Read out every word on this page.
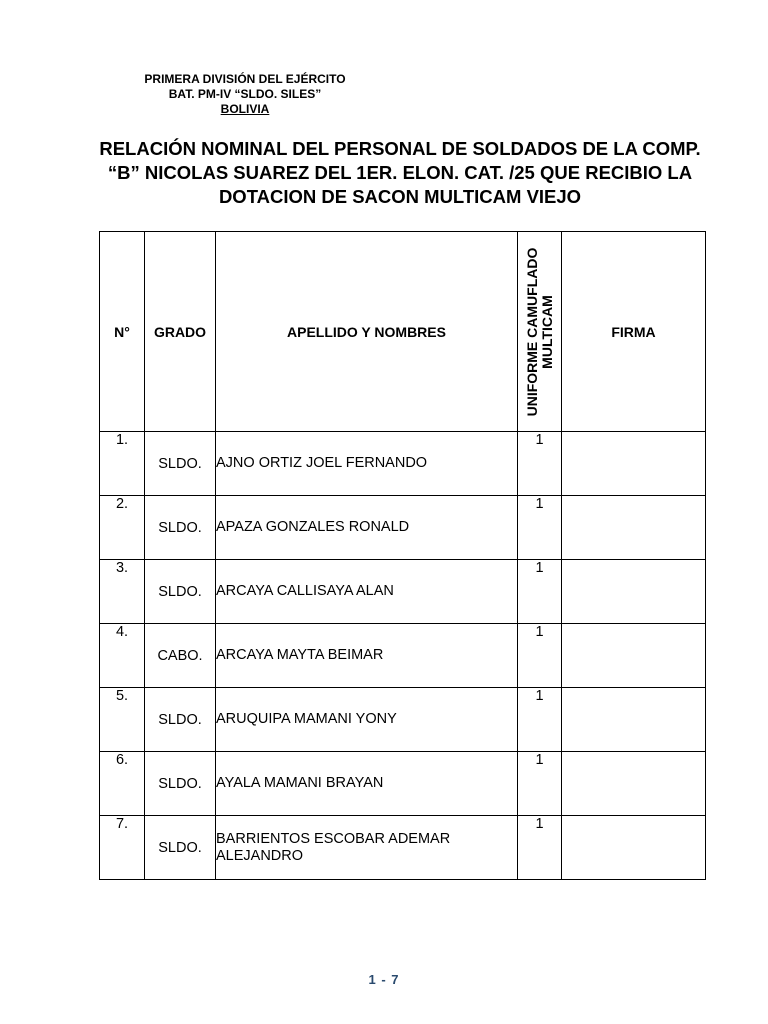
PRIMERA DIVISIÓN DEL EJÉRCITO
BAT. PM-IV “SLDO. SILES”
BOLIVIA
RELACIÓN NOMINAL DEL PERSONAL DE SOLDADOS DE LA COMP. “B” NICOLAS SUAREZ DEL 1ER. ELON. CAT. /25 QUE RECIBIO LA DOTACION DE SACON MULTICAM VIEJO
N°	GRADO	APELLIDO Y NOMBRES	UNIFORME CAMUFLADO MULTICAM	FIRMA
1.	SLDO.	AJNO ORTIZ JOEL FERNANDO	1	
2.	SLDO.	APAZA GONZALES RONALD	1	
3.	SLDO.	ARCAYA CALLISAYA ALAN	1	
4.	CABO.	ARCAYA MAYTA BEIMAR	1	
5.	SLDO.	ARUQUIPA MAMANI YONY	1	
6.	SLDO.	AYALA MAMANI BRAYAN	1	
7.	SLDO.	BARRIENTOS ESCOBAR ADEMAR ALEJANDRO	1	
1 - 7
